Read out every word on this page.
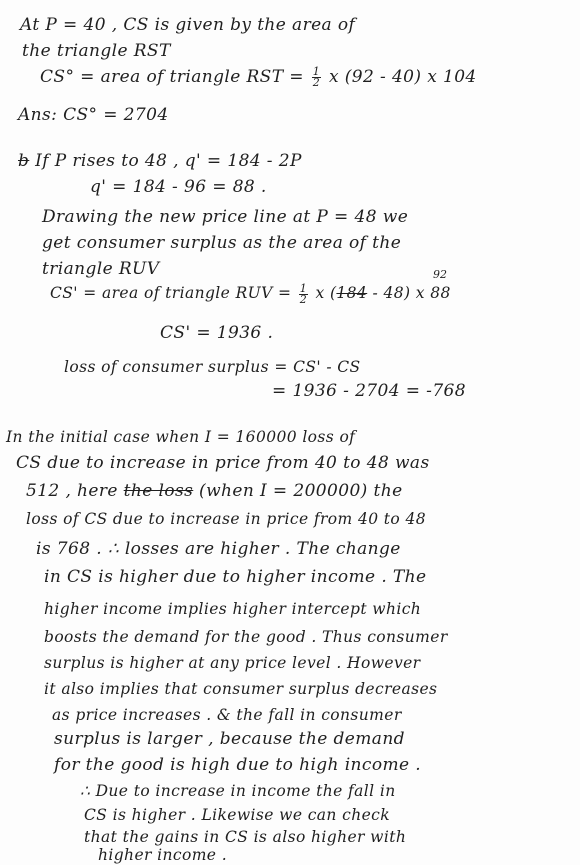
At P = 40 , CS is given by the area of
the triangle RST
CS° = area of triangle RST = $\frac{1}{2}$ x (92 - 40) x 104
Ans: CS° = 2704
b If P rises to 48 , q' = 184 - 2P
q' = 184 - 96 = 88 .
Drawing the new price line at P = 48 we
get consumer surplus as the area of the
triangle RUV	92
CS' = area of triangle RUV = $\frac{1}{2}$ x (184 - 48) x 88
CS' = 1936 .
loss of consumer surplus = CS' - CS
= 1936 - 2704 = -768
In the initial case when I = 160000 loss of
CS due to increase in price from 40 to 48 was
512 , here the loss (when I = 200000) the
loss of CS due to increase in price from 40 to 48
is 768 . ∴ losses are higher . The change
in CS is higher due to higher income . The
higher income implies higher intercept which
boosts the demand for the good . Thus consumer
surplus is higher at any price level . However
it also implies that consumer surplus decreases
as price increases . & the fall in consumer
surplus is larger , because the demand
for the good is high due to high income .
∴ Due to increase in income the fall in
CS is higher . Likewise we can check
that the gains in CS is also higher with
higher income .
